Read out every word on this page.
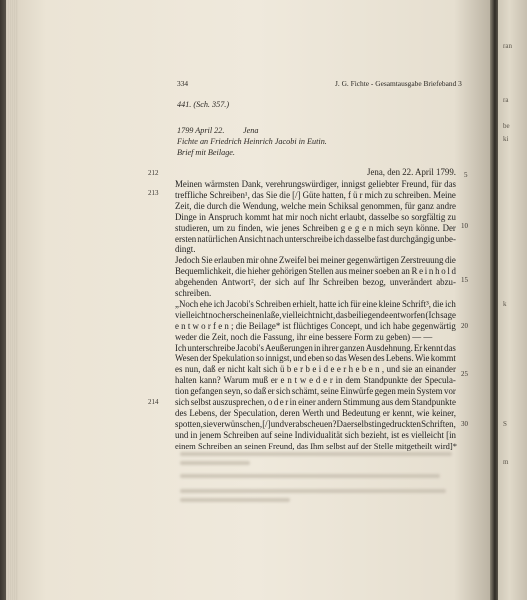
334	J. G. Fichte - Gesamtausgabe Briefeband 3
441. (Sch. 357.)
1799 April 22. Jena
Fichte an Friedrich Heinrich Jacobi in Eutin.
Brief mit Beilage.
Jena, den 22. April 1799.
Meinen wärmsten Dank, verehrungswürdiger, innigst geliebter Freund, für das
treffliche Schreiben¹, das Sie die [/] Güte hatten, f ü r mich zu schreiben. Meine
Zeit, die durch die Wendung, welche mein Schiksal genommen, für ganz andre
Dinge in Anspruch kommt hat mir noch nicht erlaubt, dasselbe so sorgfältig zu
studieren, um zu finden, wie jenes Schreiben g e g e n mich seyn könne. Der
ersten natürlichen Ansicht nach unterschreibe ich dasselbe fast durchgängig unbe-
dingt.
Jedoch Sie erlauben mir ohne Zweifel bei meiner gegenwärtigen Zerstreuung die
Bequemlichkeit, die hieher gehörigen Stellen aus meiner soeben an R e i n h o l d
abgehenden Antwort², der sich auf Ihr Schreiben bezog, unverändert abzu-
schreiben.
„Noch ehe ich Jacobi's Schreiben erhielt, hatte ich für eine kleine Schrift³, die ich
vielleicht noch erscheinen laße, vielleicht nicht, das beiliegende entworfen (Ich sage
e n t w o r f e n ; die Beilage* ist flüchtiges Concept, und ich habe gegenwärtig
weder die Zeit, noch die Fassung, ihr eine bessere Form zu geben) — —
Ich unterschreibe Jacobi's Aeußerungen in ihrer ganzen Ausdehnung. Er kennt das
Wesen der Spekulation so innigst, und eben so das Wesen des Lebens. Wie kommt
es nun, daß er nicht kalt sich ü b e r b e i d e e r h e b e n , und sie an einander
halten kann? Warum muß er e n t w e d e r in dem Standpunkte der Specula-
tion gefangen seyn, so daß er sich schämt, seine Einwürfe gegen mein System vor
sich selbst auszusprechen, o d e r in einer andern Stimmung aus dem Standpunkte
des Lebens, der Speculation, deren Werth und Bedeutung er kennt, wie keiner,
spotten, sie verwünschen, [/] und verabscheuen? Da er selbst in gedruckten Schriften,
und in jenem Schreiben auf seine Individualität sich bezieht, ist es vielleicht [in
einem Schreiben an seinen Freund, das Ihm selbst auf der Stelle mitgetheilt wird]*
212
213
214
5
10
15
20
25
30
ran
ra
be
ki
k
S
m
